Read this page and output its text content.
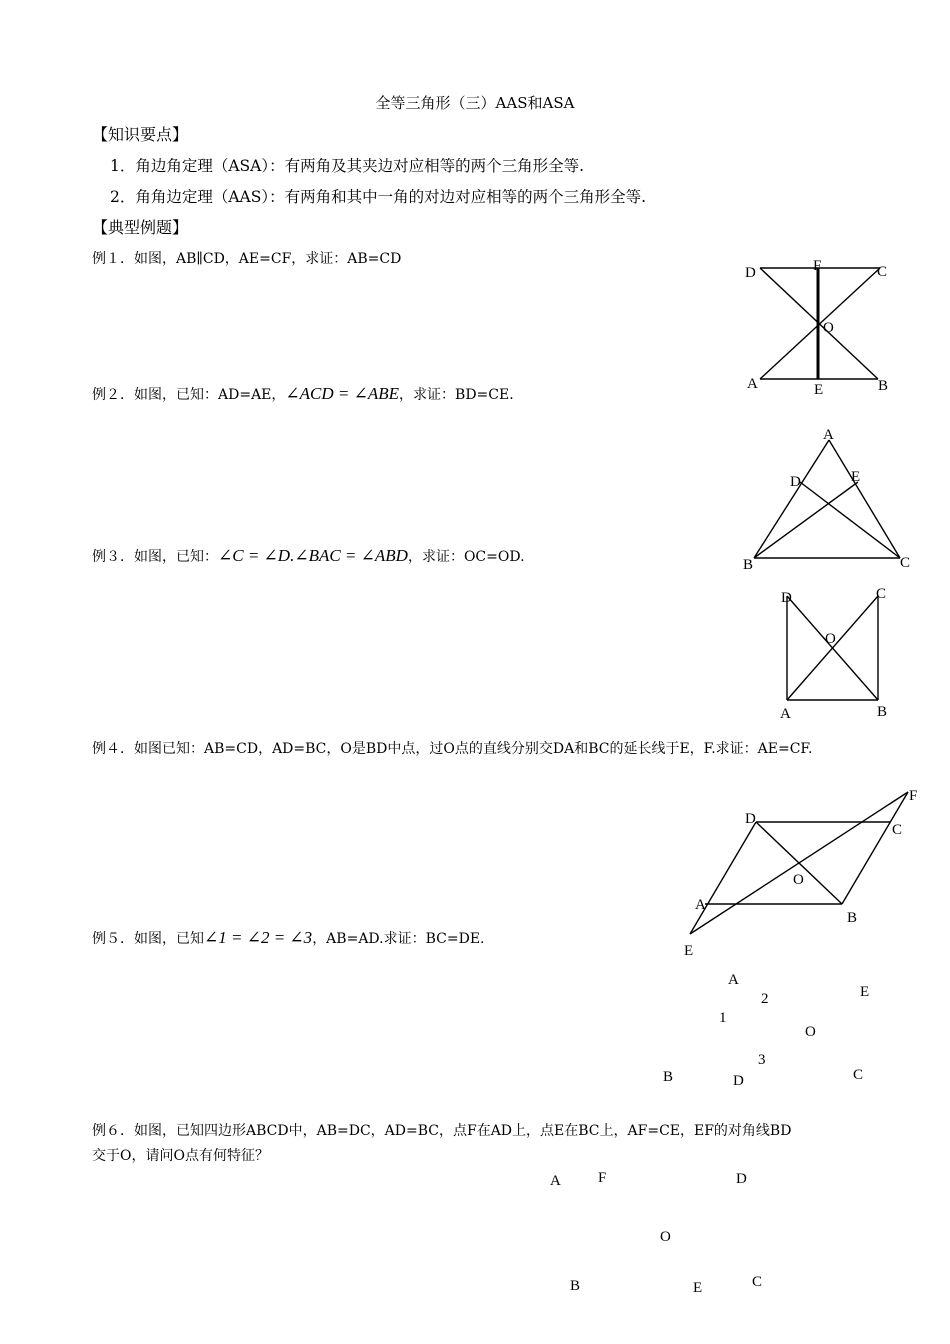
全等三角形（三）AAS和ASA
【知识要点】
1．角边角定理（ASA）：有两角及其夹边对应相等的两个三角形全等.
2．角角边定理（AAS）：有两角和其中一角的对边对应相等的两个三角形全等.
【典型例题】
例１．如图，AB∥CD，AE=CF，求证：AB=CD
例２．如图，已知：AD=AE，∠ACD = ∠ABE，求证：BD=CE.
例３．如图，已知：∠C = ∠D.∠BAC = ∠ABD，求证：OC=OD.
例４．如图已知：AB=CD，AD=BC，O是BD中点，过O点的直线分别交DA和BC的延长线于E，F.求证：AE=CF.
例５．如图，已知∠1 = ∠2 = ∠3，AB=AD.求证：BC=DE.
例６．如图，已知四边形ABCD中，AB=DC，AD=BC，点F在AD上，点E在BC上，AF=CE，EF的对角线BD
交于O，请问O点有何特征？
D	F	C
O
A	E	B
A
D	E
B	C
D	C
O
A	B
F
D
C
O
A
B
E
A
2	E
1
O
3
B	D	C
A F	D
O
B	E	C
